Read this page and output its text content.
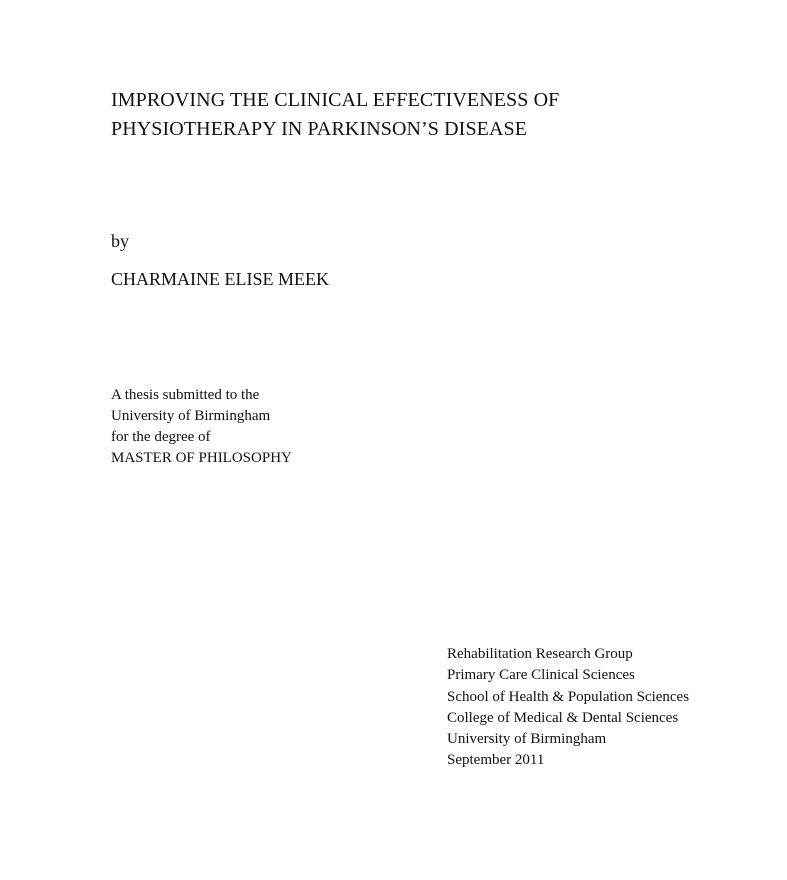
IMPROVING THE CLINICAL EFFECTIVENESS OF
PHYSIOTHERAPY IN PARKINSON’S DISEASE
by
CHARMAINE ELISE MEEK
A thesis submitted to the
University of Birmingham
for the degree of
MASTER OF PHILOSOPHY
Rehabilitation Research Group
Primary Care Clinical Sciences
School of Health & Population Sciences
College of Medical & Dental Sciences
University of Birmingham
September 2011
